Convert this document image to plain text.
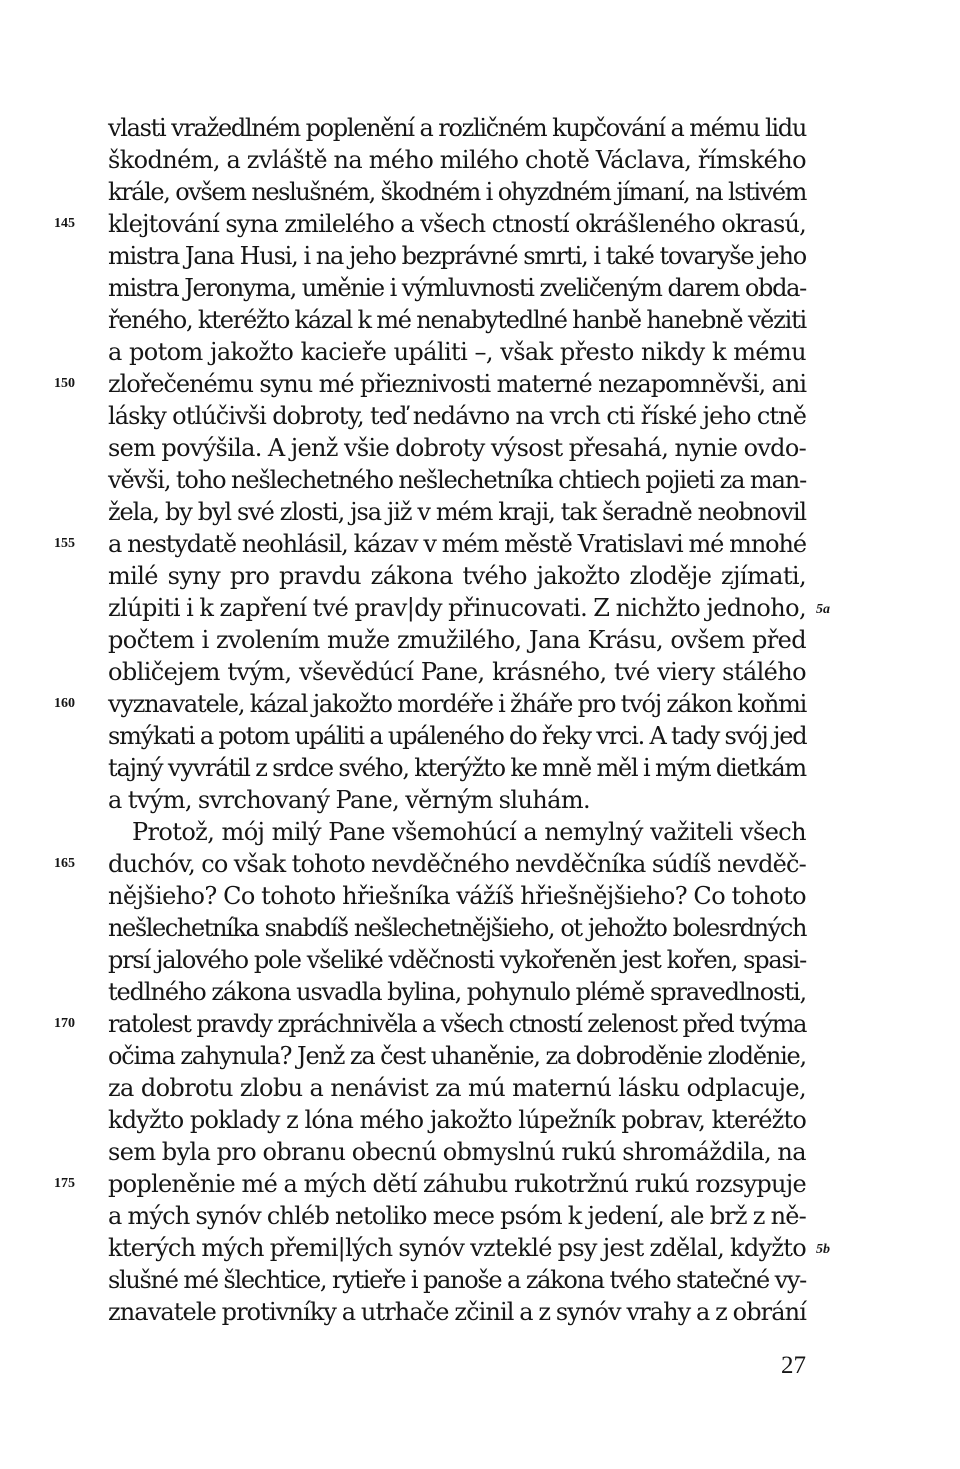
vlasti vražedlném poplenění a rozličném kupčování a mému lidu
škodném, a zvláště na mého milého chotě Václava, římského
krále, ovšem neslušném, škodném i ohyzdném jímaní, na lstivém
klejtování syna zmilelého a všech ctností okrášleného okrasú,
mistra Jana Husi, i na jeho bezprávné smrti, i také tovaryše jeho
mistra Jeronyma, uměnie i výmluvnosti zveličeným darem obda-
řeného, kteréžto kázal k mé nenabytedlné hanbě hanebně věziti
a potom jakožto kacieře upáliti –, však přesto nikdy k mému
zlořečenému synu mé přieznivosti materné nezapomněvši, ani
lásky otlúčivši dobroty, teď nedávno na vrch cti říské jeho ctně
sem povýšila. A jenž všie dobroty výsost přesahá, nynie ovdo-
věvši, toho nešlechetného nešlechetníka chtiech pojieti za man-
žela, by byl své zlosti, jsa již v mém kraji, tak šeradně neobnovil
a nestydatě neohlásil, kázav v mém městě Vratislavi mé mnohé
milé syny pro pravdu zákona tvého jakožto zloděje zjímati,
zlúpiti i k zapření tvé prav|dy přinucovati. Z nichžto jednoho,
počtem i zvolením muže zmužilého, Jana Krásu, ovšem před
obličejem tvým, vševědúcí Pane, krásného, tvé viery stálého
vyznavatele, kázal jakožto mordéře i žháře pro tvój zákon koňmi
smýkati a potom upáliti a upáleného do řeky vrci. A tady svój jed
tajný vyvrátil z srdce svého, kterýžto ke mně měl i mým dietkám
a tvým, svrchovaný Pane, věrným sluhám.
Protož, mój milý Pane všemohúcí a nemylný važiteli všech
duchóv, co však tohoto nevděčného nevděčníka súdíš nevděč-
nějšieho? Co tohoto hřiešníka vážíš hřiešnějšieho? Co tohoto
nešlechetníka snabdíš nešlechetnějšieho, ot jehožto bolesrdných
prsí jalového pole všeliké vděčnosti vykořeněn jest kořen, spasi-
tedlného zákona usvadla bylina, pohynulo plémě spravedlnosti,
ratolest pravdy zpráchnivěla a všech ctností zelenost před tvýma
očima zahynula? Jenž za čest uhaněnie, za dobroděnie zloděnie,
za dobrotu zlobu a nenávist za mú maternú lásku odplacuje,
kdyžto poklady z lóna mého jakožto lúpežník pobrav, kteréžto
sem byla pro obranu obecnú obmyslnú rukú shromáždila, na
popleněnie mé a mých dětí záhubu rukotržnú rukú rozsypuje
a mých synóv chléb netoliko mece psóm k jedení, ale brž z ně-
kterých mých přemi|lých synóv vzteklé psy jest zdělal, kdyžto
slušné mé šlechtice, rytieře i panoše a zákona tvého statečné vy-
znavatele protivníky a utrhače zčinil a z synóv vrahy a z obrání
145
150
155
160
165
170
175
5a
5b
27
